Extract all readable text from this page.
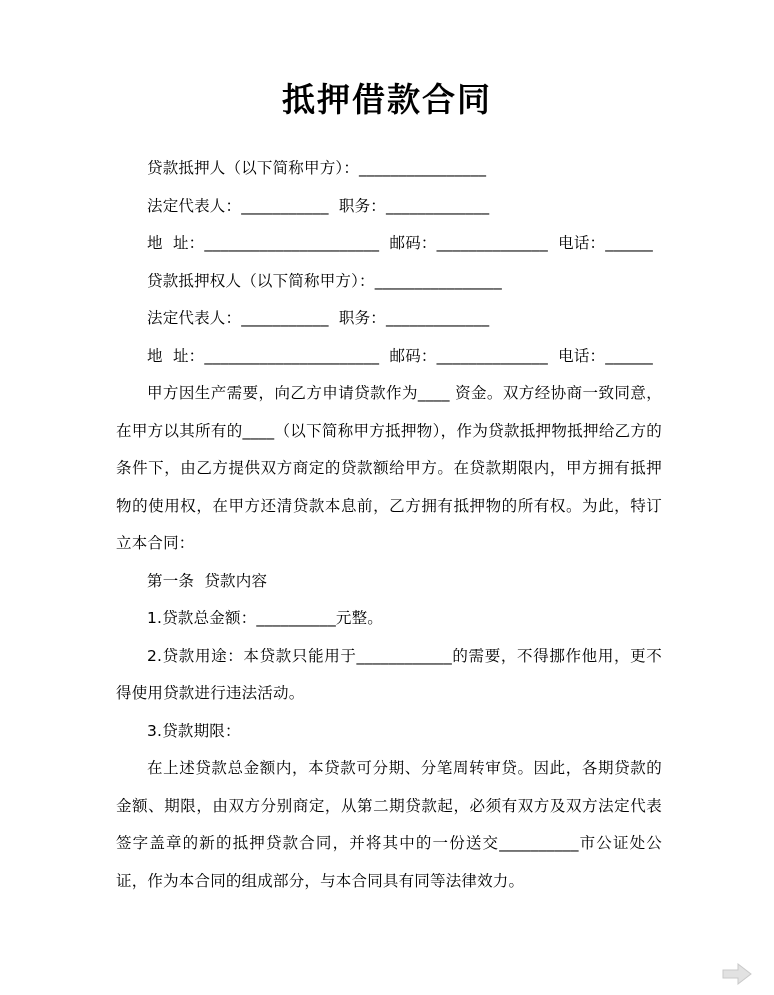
抵押借款合同
贷款抵押人（以下简称甲方）：________________
法定代表人：___________  职务：_____________
地  址：______________________  邮码：______________  电话：______
贷款抵押权人（以下简称甲方）：________________
法定代表人：___________  职务：_____________
地  址：______________________  邮码：______________  电话：______
甲方因生产需要，向乙方申请贷款作为____ 资金。双方经协商一致同意，在甲方以其所有的____（以下简称甲方抵押物），作为贷款抵押物抵押给乙方的条件下，由乙方提供双方商定的贷款额给甲方。在贷款期限内，甲方拥有抵押物的使用权，在甲方还清贷款本息前，乙方拥有抵押物的所有权。为此，特订立本合同：
第一条  贷款内容
1.贷款总金额：__________元整。
2.贷款用途：本贷款只能用于____________的需要，不得挪作他用，更不得使用贷款进行违法活动。
3.贷款期限：
在上述贷款总金额内，本贷款可分期、分笔周转审贷。因此，各期贷款的金额、期限，由双方分别商定，从第二期贷款起，必须有双方及双方法定代表签字盖章的新的抵押贷款合同，并将其中的一份送交__________市公证处公证，作为本合同的组成部分，与本合同具有同等法律效力。
